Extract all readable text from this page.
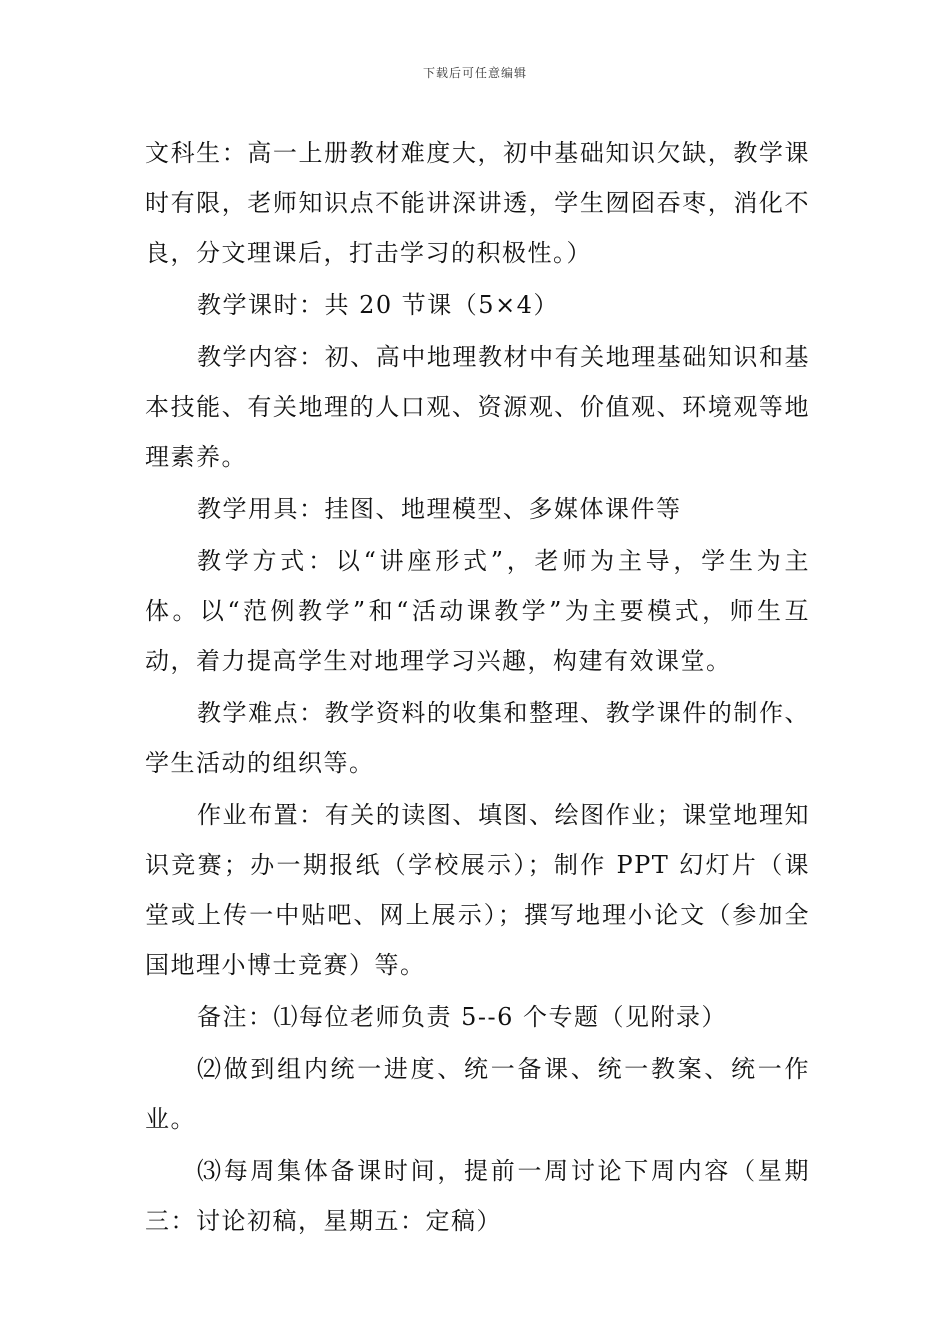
下载后可任意编辑

文科生：高一上册教材难度大，初中基础知识欠缺，教学课时有限，老师知识点不能讲深讲透，学生囫囵吞枣，消化不良，分文理课后，打击学习的积极性。）

教学课时：共 20 节课（5×4）

教学内容：初、高中地理教材中有关地理基础知识和基本技能、有关地理的人口观、资源观、价值观、环境观等地理素养。

教学用具：挂图、地理模型、多媒体课件等

教学方式：以“讲座形式”，老师为主导，学生为主体。以“范例教学”和“活动课教学”为主要模式，师生互动，着力提高学生对地理学习兴趣，构建有效课堂。

教学难点：教学资料的收集和整理、教学课件的制作、学生活动的组织等。

作业布置：有关的读图、填图、绘图作业；课堂地理知识竞赛；办一期报纸（学校展示）；制作 PPT 幻灯片（课堂或上传一中贴吧、网上展示）；撰写地理小论文（参加全国地理小博士竞赛）等。

备注：⑴每位老师负责 5--6 个专题（见附录）

⑵做到组内统一进度、统一备课、统一教案、统一作业。

⑶每周集体备课时间，提前一周讨论下周内容（星期三：讨论初稿，星期五：定稿）
